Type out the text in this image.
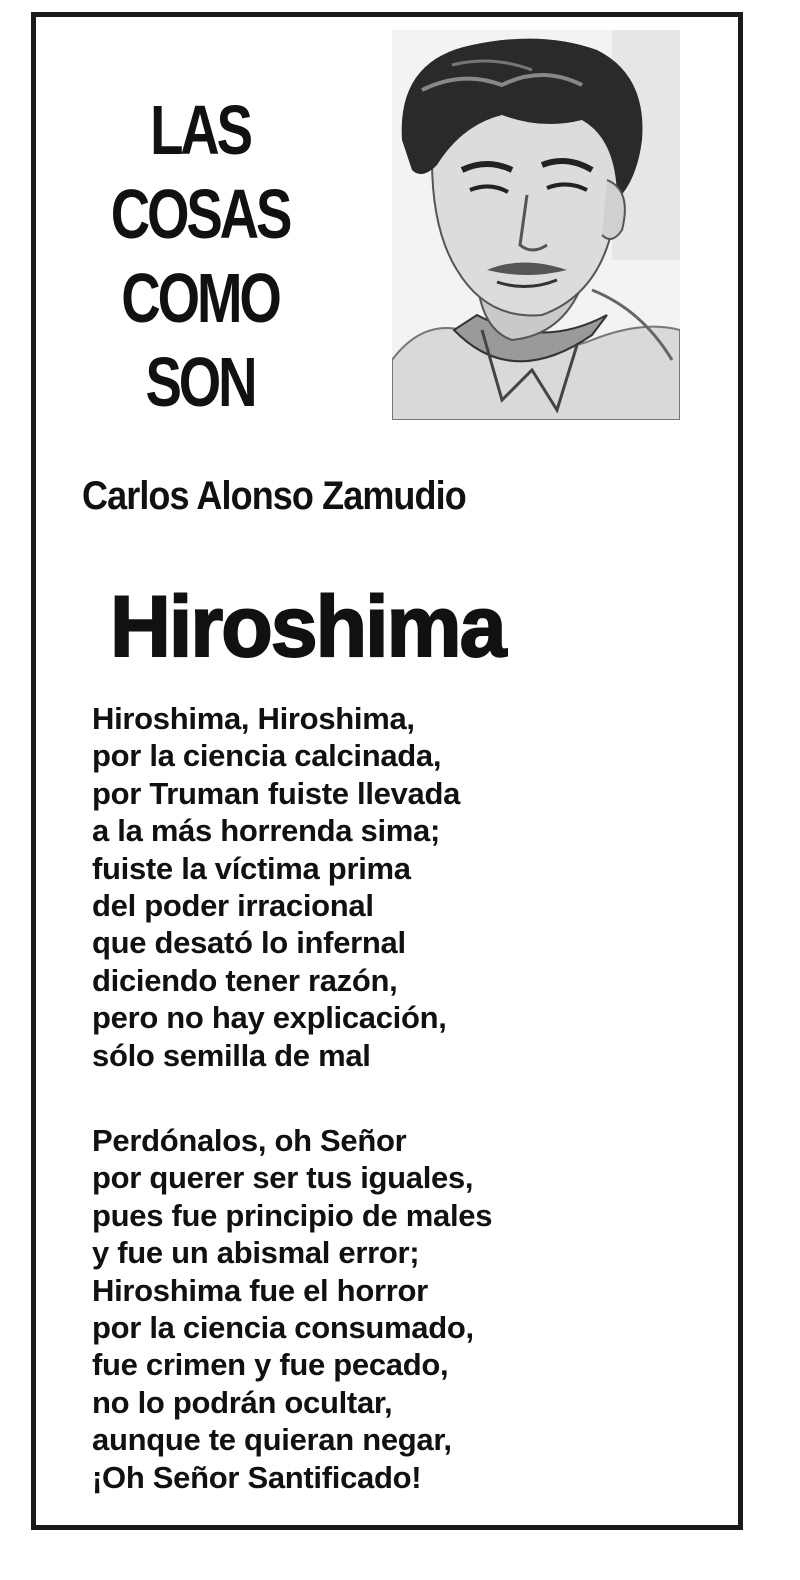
LAS
COSAS
COMO
SON
Carlos Alonso Zamudio
Hiroshima
Hiroshima, Hiroshima,
por la ciencia calcinada,
por Truman fuiste llevada
a la más horrenda sima;
fuiste la víctima prima
del poder irracional
que desató lo infernal
diciendo tener razón,
pero no hay explicación,
sólo semilla de mal
Perdónalos, oh Señor
por querer ser tus iguales,
pues fue principio de males
y fue un abismal error;
Hiroshima fue el horror
por la ciencia consumado,
fue crimen y fue pecado,
no lo podrán ocultar,
aunque te quieran negar,
¡Oh Señor Santificado!
